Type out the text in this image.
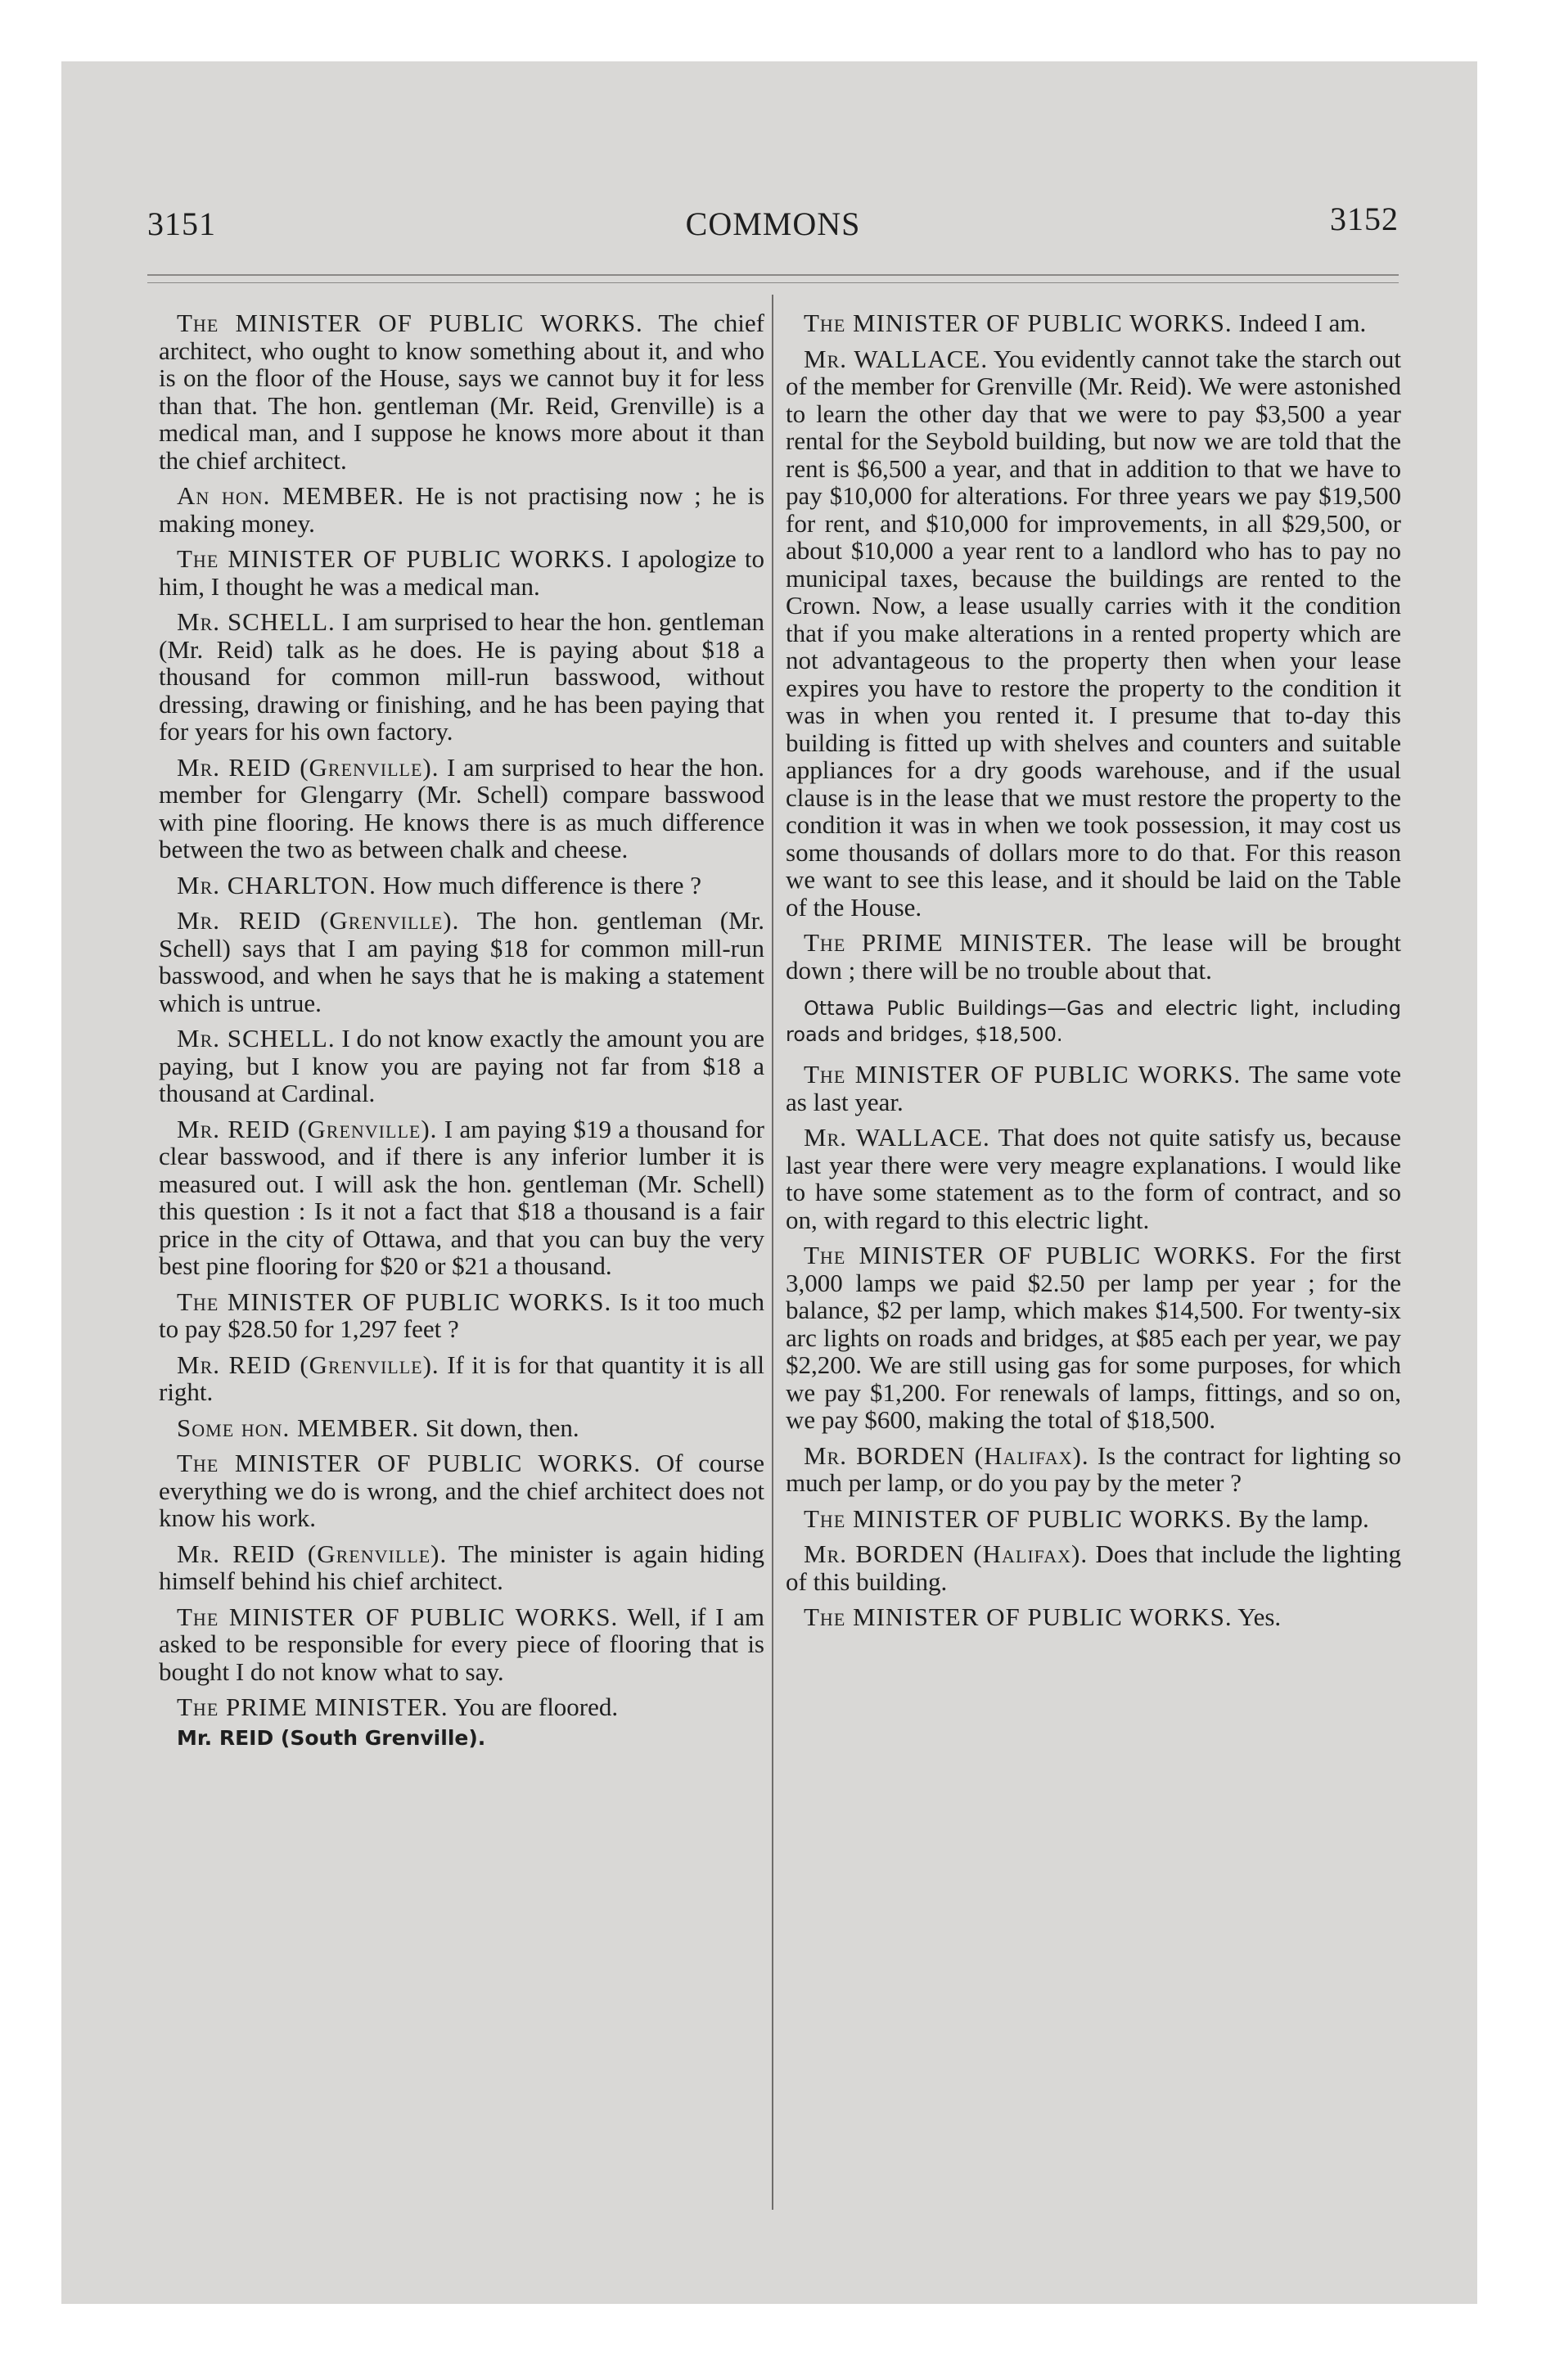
3151	COMMONS	3152

The MINISTER OF PUBLIC WORKS. The chief architect, who ought to know something about it, and who is on the floor of the House, says we cannot buy it for less than that. The hon. gentleman (Mr. Reid, Grenville) is a medical man, and I suppose he knows more about it than the chief architect.

An hon. MEMBER. He is not practising now ; he is making money.

The MINISTER OF PUBLIC WORKS. I apologize to him, I thought he was a medical man.

Mr. SCHELL. I am surprised to hear the hon. gentleman (Mr. Reid) talk as he does. He is paying about $18 a thousand for common mill-run basswood, without dressing, drawing or finishing, and he has been paying that for years for his own factory.

Mr. REID (Grenville). I am surprised to hear the hon. member for Glengarry (Mr. Schell) compare basswood with pine flooring. He knows there is as much difference between the two as between chalk and cheese.

Mr. CHARLTON. How much difference is there ?

Mr. REID (Grenville). The hon. gentleman (Mr. Schell) says that I am paying $18 for common mill-run basswood, and when he says that he is making a statement which is untrue.

Mr. SCHELL. I do not know exactly the amount you are paying, but I know you are paying not far from $18 a thousand at Cardinal.

Mr. REID (Grenville). I am paying $19 a thousand for clear basswood, and if there is any inferior lumber it is measured out. I will ask the hon. gentleman (Mr. Schell) this question : Is it not a fact that $18 a thousand is a fair price in the city of Ottawa, and that you can buy the very best pine flooring for $20 or $21 a thousand.

The MINISTER OF PUBLIC WORKS. Is it too much to pay $28.50 for 1,297 feet ?

Mr. REID (Grenville). If it is for that quantity it is all right.

Some hon. MEMBER. Sit down, then.

The MINISTER OF PUBLIC WORKS. Of course everything we do is wrong, and the chief architect does not know his work.

Mr. REID (Grenville). The minister is again hiding himself behind his chief architect.

The MINISTER OF PUBLIC WORKS. Well, if I am asked to be responsible for every piece of flooring that is bought I do not know what to say.

The PRIME MINISTER. You are floored.

Mr. REID (South Grenville).

The MINISTER OF PUBLIC WORKS. Indeed I am.

Mr. WALLACE. You evidently cannot take the starch out of the member for Grenville (Mr. Reid). We were astonished to learn the other day that we were to pay $3,500 a year rental for the Seybold building, but now we are told that the rent is $6,500 a year, and that in addition to that we have to pay $10,000 for alterations. For three years we pay $19,500 for rent, and $10,000 for improvements, in all $29,500, or about $10,000 a year rent to a landlord who has to pay no municipal taxes, because the buildings are rented to the Crown. Now, a lease usually carries with it the condition that if you make alterations in a rented property which are not advantageous to the property then when your lease expires you have to restore the property to the condition it was in when you rented it. I presume that to-day this building is fitted up with shelves and counters and suitable appliances for a dry goods warehouse, and if the usual clause is in the lease that we must restore the property to the condition it was in when we took possession, it may cost us some thousands of dollars more to do that. For this reason we want to see this lease, and it should be laid on the Table of the House.

The PRIME MINISTER. The lease will be brought down ; there will be no trouble about that.

Ottawa Public Buildings—Gas and electric light, including roads and bridges, $18,500.

The MINISTER OF PUBLIC WORKS. The same vote as last year.

Mr. WALLACE. That does not quite satisfy us, because last year there were very meagre explanations. I would like to have some statement as to the form of contract, and so on, with regard to this electric light.

The MINISTER OF PUBLIC WORKS. For the first 3,000 lamps we paid $2.50 per lamp per year ; for the balance, $2 per lamp, which makes $14,500. For twenty-six arc lights on roads and bridges, at $85 each per year, we pay $2,200. We are still using gas for some purposes, for which we pay $1,200. For renewals of lamps, fittings, and so on, we pay $600, making the total of $18,500.

Mr. BORDEN (Halifax). Is the contract for lighting so much per lamp, or do you pay by the meter ?

The MINISTER OF PUBLIC WORKS. By the lamp.

Mr. BORDEN (Halifax). Does that include the lighting of this building.

The MINISTER OF PUBLIC WORKS. Yes.
